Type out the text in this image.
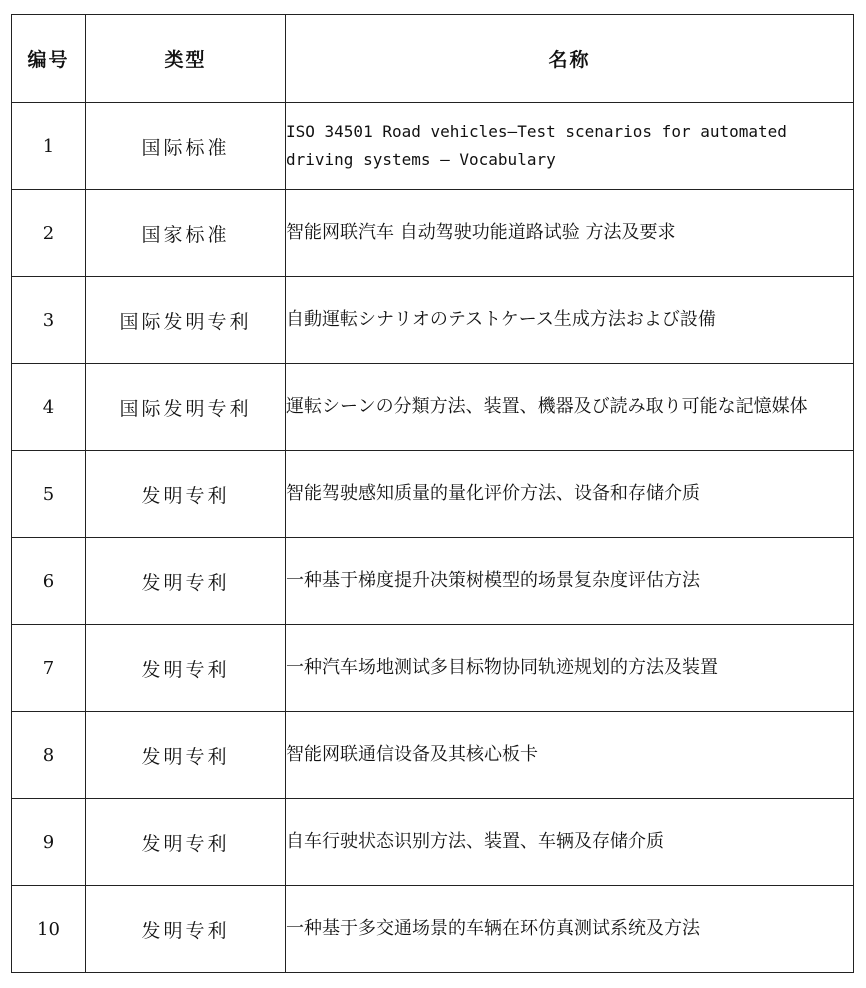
编号	类型	名称
1	国际标准	ISO 34501 Road vehicles—Test scenarios for automated driving systems — Vocabulary
2	国家标准	智能网联汽车 自动驾驶功能道路试验 方法及要求
3	国际发明专利	自動運転シナリオのテストケース生成方法および設備
4	国际发明专利	運転シーンの分類方法、装置、機器及び読み取り可能な記憶媒体
5	发明专利	智能驾驶感知质量的量化评价方法、设备和存储介质
6	发明专利	一种基于梯度提升决策树模型的场景复杂度评估方法
7	发明专利	一种汽车场地测试多目标物协同轨迹规划的方法及装置
8	发明专利	智能网联通信设备及其核心板卡
9	发明专利	自车行驶状态识别方法、装置、车辆及存储介质
10	发明专利	一种基于多交通场景的车辆在环仿真测试系统及方法
